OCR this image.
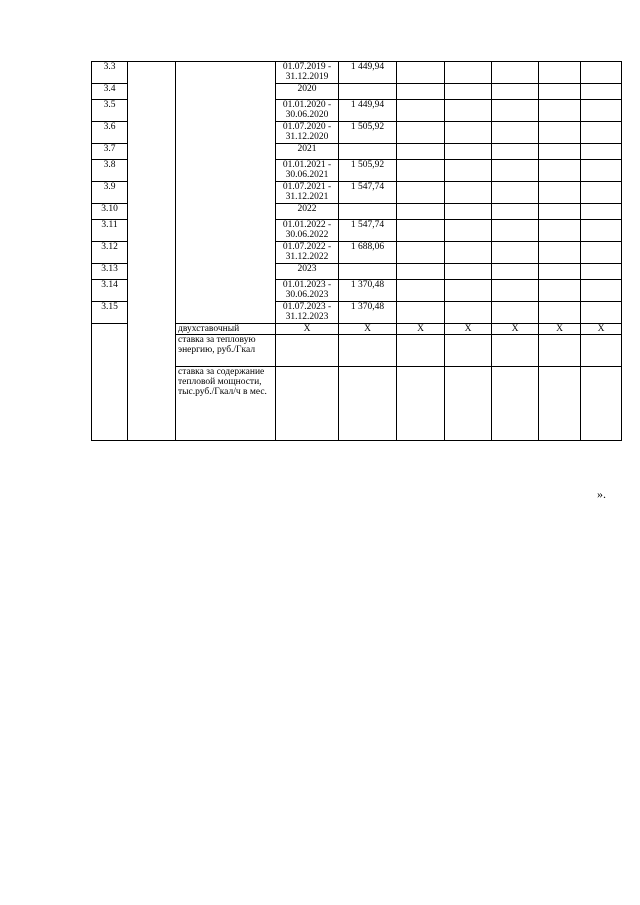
3.3			01.07.2019 - 31.12.2019	1 449,94						
3.4			2020							
3.5			01.01.2020 - 30.06.2020	1 449,94						
3.6			01.07.2020 - 31.12.2020	1 505,92						
3.7			2021							
3.8			01.01.2021 - 30.06.2021	1 505,92						
3.9			01.07.2021 - 31.12.2021	1 547,74						
3.10			2022							
3.11			01.01.2022 - 30.06.2022	1 547,74						
3.12			01.07.2022 - 31.12.2022	1 688,06						
3.13			2023							
3.14			01.01.2023 - 30.06.2023	1 370,48						
3.15			01.07.2023 - 31.12.2023	1 370,48						
		двухставочный	X	X	X	X	X	X	X	
		ставка за тепловую энергию, руб./Гкал								
		ставка за содержание тепловой мощности, тыс.руб./Гкал/ч в мес.								
».
